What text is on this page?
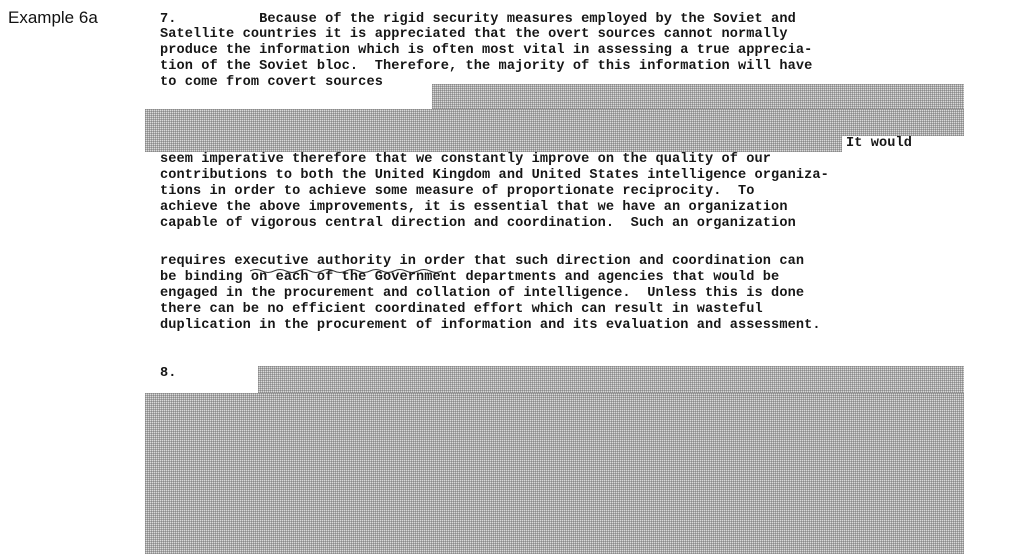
Example 6a	7.          Because of the rigid security measures employed by the Soviet and
Satellite countries it is appreciated that the overt sources cannot normally
produce the information which is often most vital in assessing a true apprecia-
tion of the Soviet bloc.  Therefore, the majority of this information will have
to come from covert sources
It would
seem imperative therefore that we constantly improve on the quality of our
contributions to both the United Kingdom and United States intelligence organiza-
tions in order to achieve some measure of proportionate reciprocity.  To
achieve the above improvements, it is essential that we have an organization
capable of vigorous central direction and coordination.  Such an organization
requires executive authority in order that such direction and coordination can
be binding on each of the Government departments and agencies that would be
engaged in the procurement and collation of intelligence.  Unless this is done
there can be no efficient coordinated effort which can result in wasteful
duplication in the procurement of information and its evaluation and assessment.
8.
